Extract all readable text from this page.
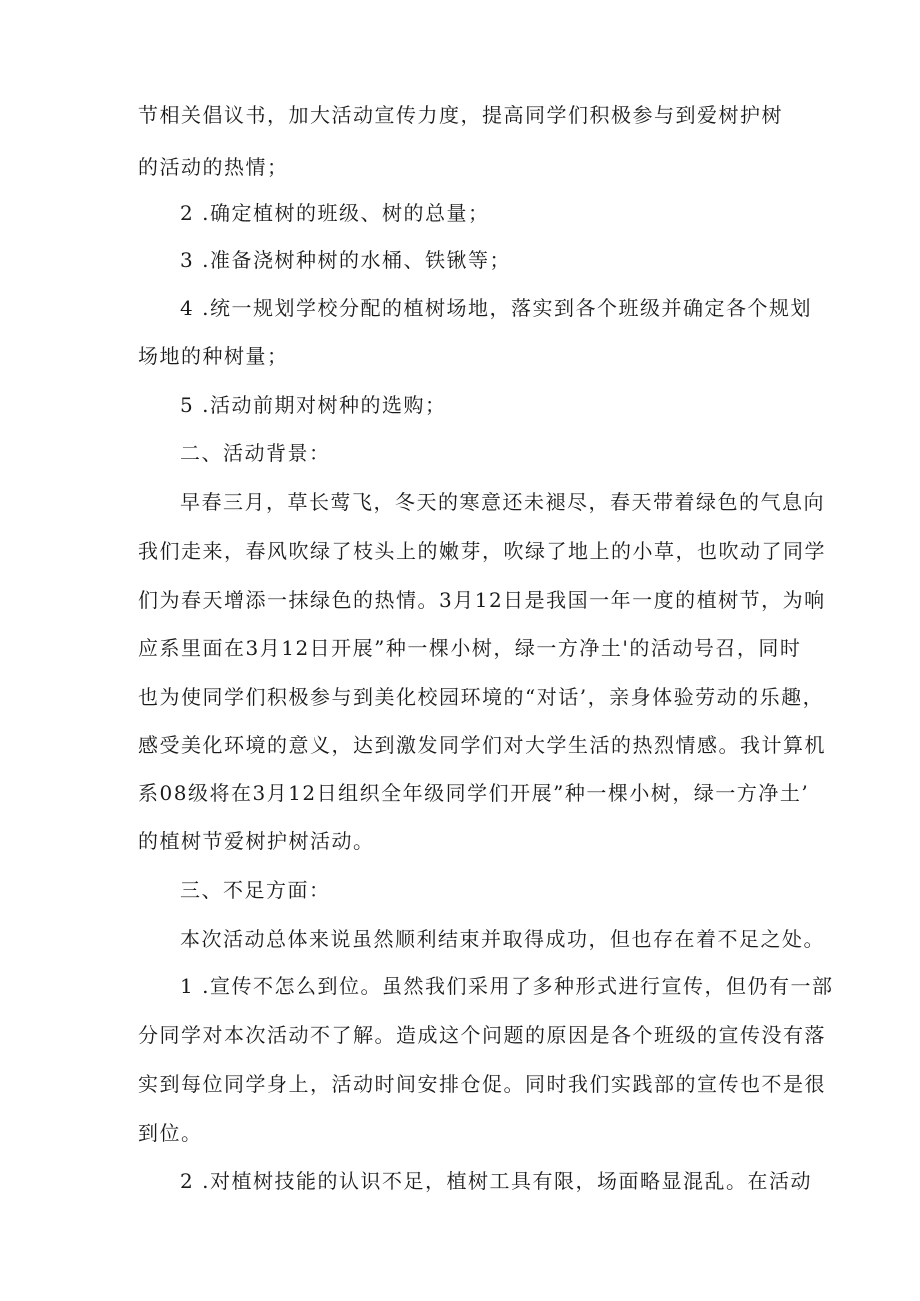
节相关倡议书，加大活动宣传力度，提高同学们积极参与到爱树护树
的活动的热情；
2 .确定植树的班级、树的总量；
3 .准备浇树种树的水桶、铁锹等；
4 .统一规划学校分配的植树场地，落实到各个班级并确定各个规划
场地的种树量；
5 .活动前期对树种的选购；
二、活动背景：
早春三月，草长莺飞，冬天的寒意还未褪尽，春天带着绿色的气息向
我们走来，春风吹绿了枝头上的嫩芽，吹绿了地上的小草，也吹动了同学
们为春天增添一抹绿色的热情。3月12日是我国一年一度的植树节，为响
应系里面在3月12日开展”种一棵小树，绿一方净土'的活动号召，同时
也为使同学们积极参与到美化校园环境的“对话’，亲身体验劳动的乐趣，
感受美化环境的意义，达到激发同学们对大学生活的热烈情感。我计算机
系08级将在3月12日组织全年级同学们开展”种一棵小树，绿一方净土’
的植树节爱树护树活动。
三、不足方面：
本次活动总体来说虽然顺利结束并取得成功，但也存在着不足之处。
1 .宣传不怎么到位。虽然我们采用了多种形式进行宣传，但仍有一部
分同学对本次活动不了解。造成这个问题的原因是各个班级的宣传没有落
实到每位同学身上，活动时间安排仓促。同时我们实践部的宣传也不是很
到位。
2 .对植树技能的认识不足，植树工具有限，场面略显混乱。在活动
